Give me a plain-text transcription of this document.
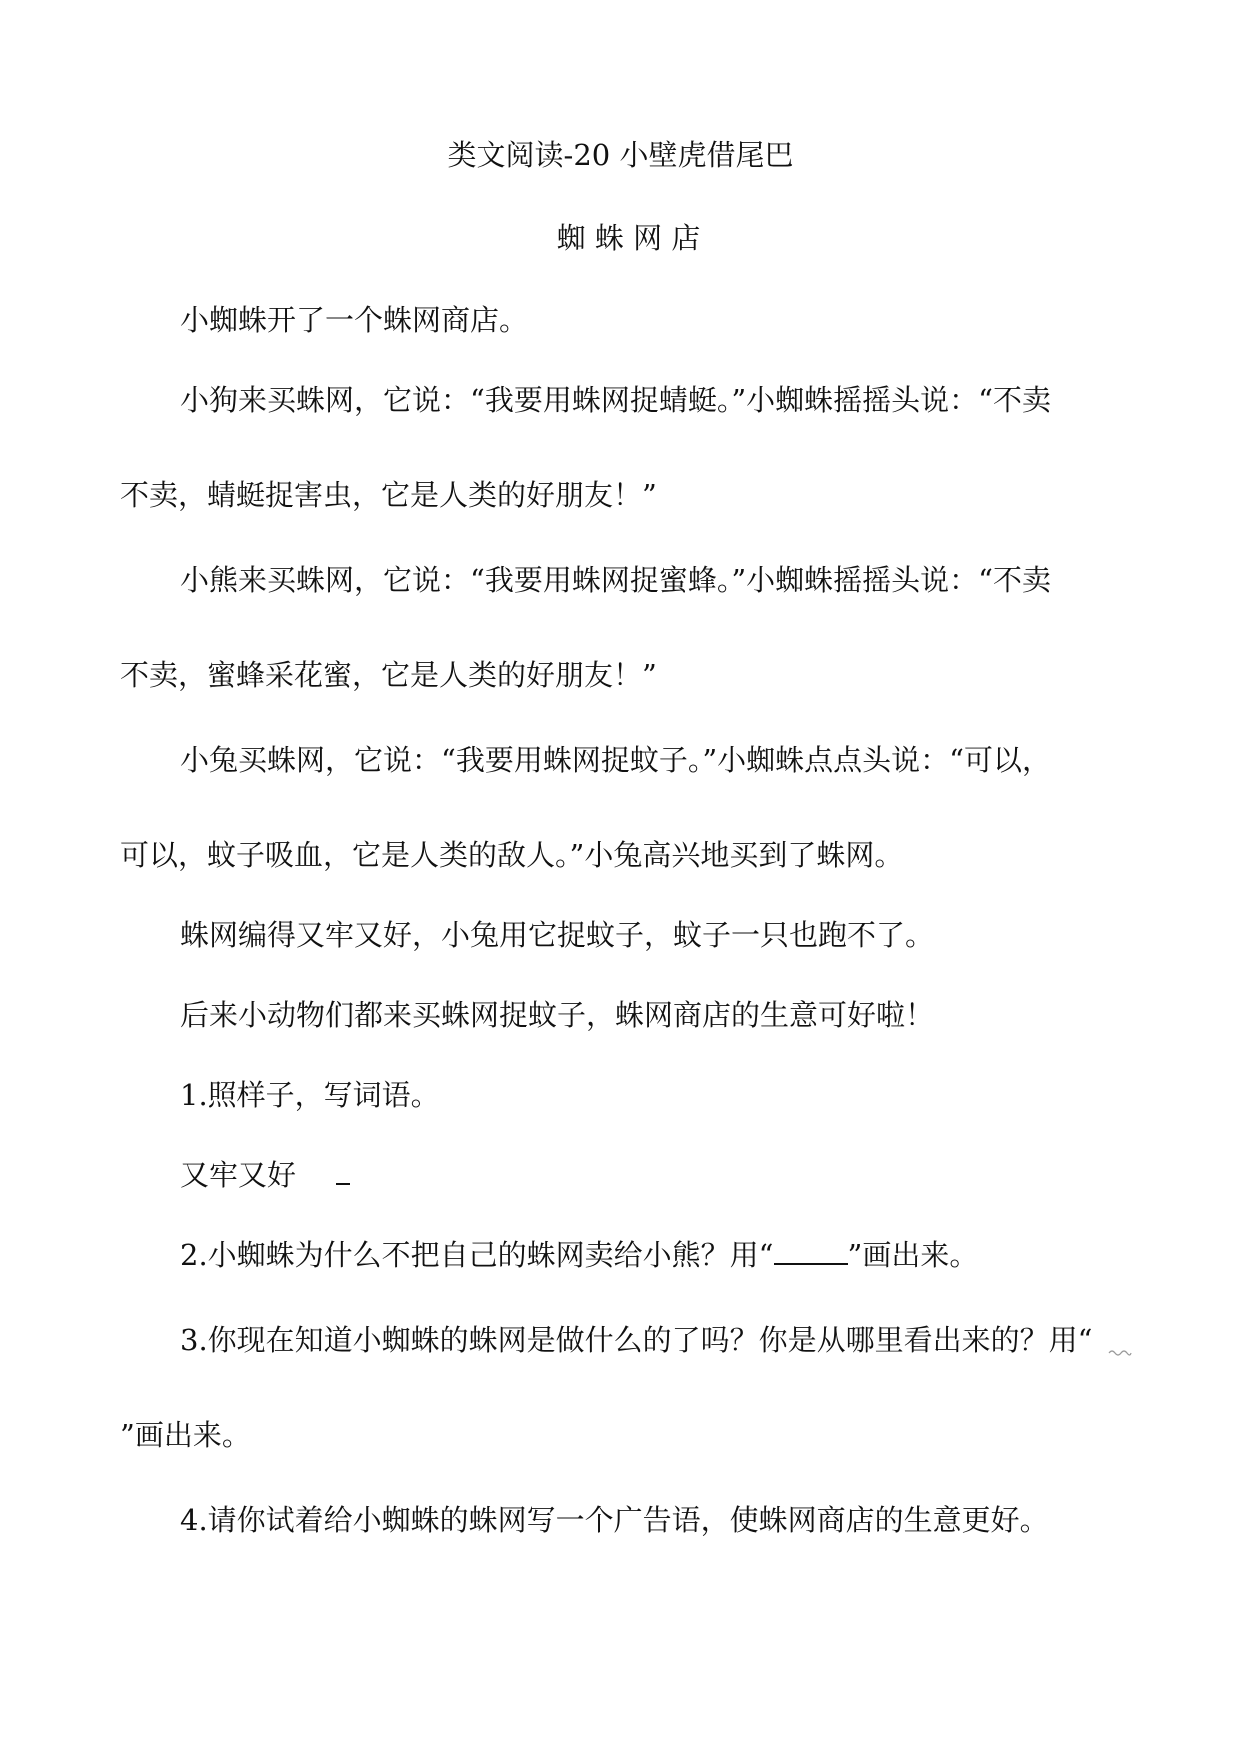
类文阅读-20 小壁虎借尾巴
蜘 蛛 网 店
小蜘蛛开了一个蛛网商店。
小狗来买蛛网，它说：“我要用蛛网捉蜻蜓。”小蜘蛛摇摇头说：“不卖
不卖，蜻蜓捉害虫，它是人类的好朋友！”
小熊来买蛛网，它说：“我要用蛛网捉蜜蜂。”小蜘蛛摇摇头说：“不卖
不卖，蜜蜂采花蜜，它是人类的好朋友！”
小兔买蛛网，它说：“我要用蛛网捉蚊子。”小蜘蛛点点头说：“可以，
可以，蚊子吸血，它是人类的敌人。”小兔高兴地买到了蛛网。
蛛网编得又牢又好，小兔用它捉蚊子，蚊子一只也跑不了。
后来小动物们都来买蛛网捉蚊子，蛛网商店的生意可好啦！
1.照样子，写词语。
又牢又好
2.小蜘蛛为什么不把自己的蛛网卖给小熊？用“	”画出来。
3.你现在知道小蜘蛛的蛛网是做什么的了吗？你是从哪里看出来的？用“
”画出来。
4.请你试着给小蜘蛛的蛛网写一个广告语，使蛛网商店的生意更好。
